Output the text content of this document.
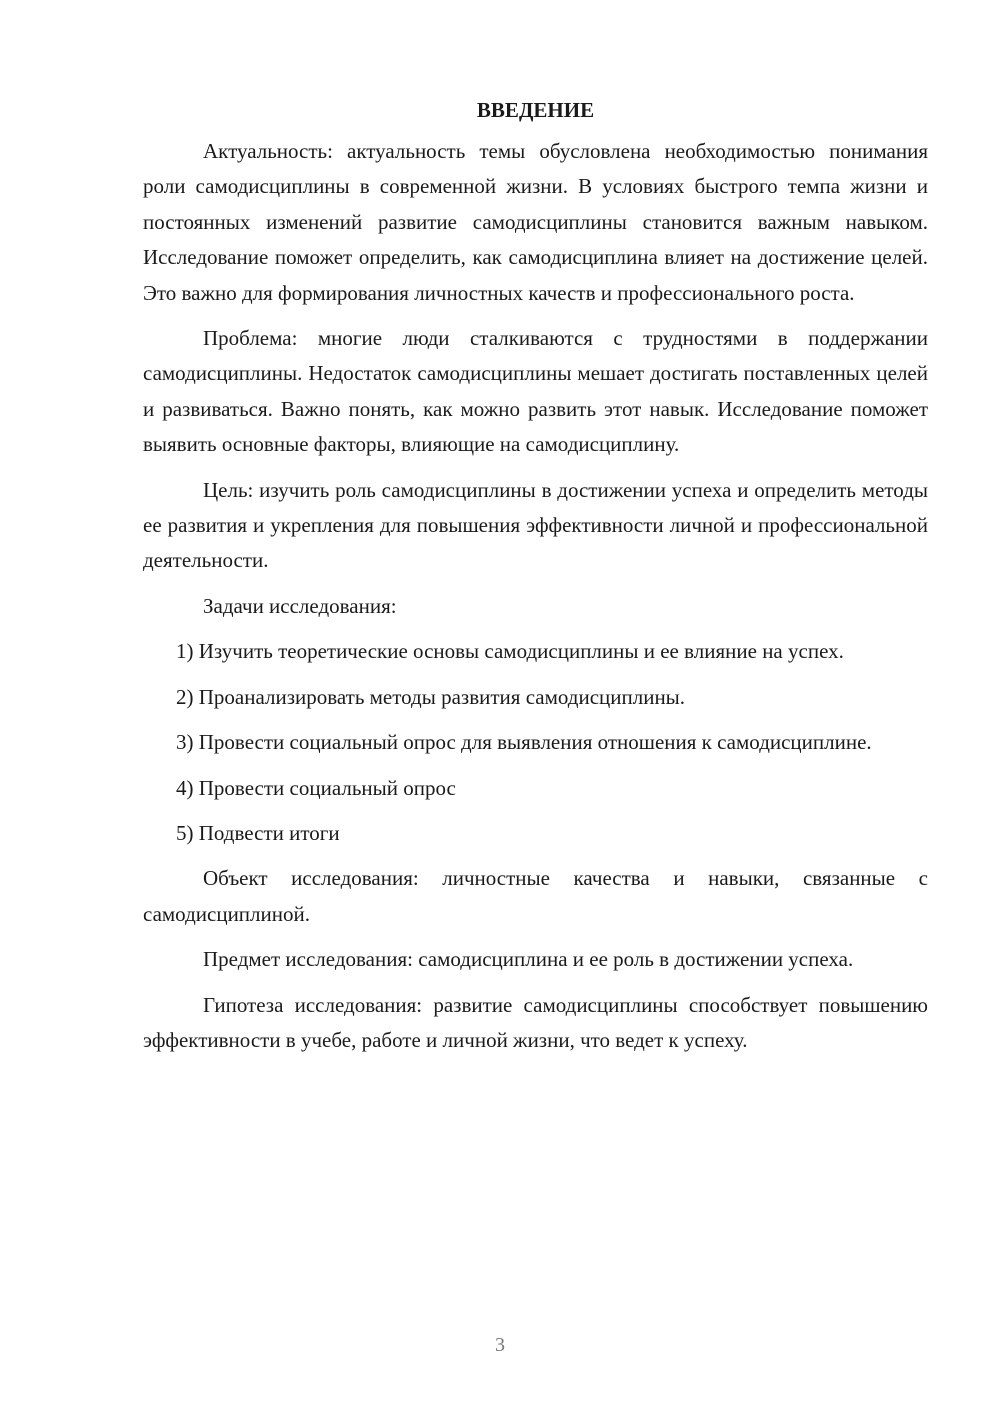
ВВЕДЕНИЕ

Актуальность: актуальность темы обусловлена необходимостью понимания роли самодисциплины в современной жизни. В условиях быстрого темпа жизни и постоянных изменений развитие самодисциплины становится важным навыком. Исследование поможет определить, как самодисциплина влияет на достижение целей. Это важно для формирования личностных качеств и профессионального роста.

Проблема: многие люди сталкиваются с трудностями в поддержании самодисциплины. Недостаток самодисциплины мешает достигать поставленных целей и развиваться. Важно понять, как можно развить этот навык. Исследование поможет выявить основные факторы, влияющие на самодисциплину.

Цель: изучить роль самодисциплины в достижении успеха и определить методы ее развития и укрепления для повышения эффективности личной и профессиональной деятельности.

Задачи исследования:

1) Изучить теоретические основы самодисциплины и ее влияние на успех.

2) Проанализировать методы развития самодисциплины.

3) Провести социальный опрос для выявления отношения к самодисциплине.

4) Провести социальный опрос

5) Подвести итоги

Объект исследования: личностные качества и навыки, связанные с самодисциплиной.

Предмет исследования: самодисциплина и ее роль в достижении успеха.

Гипотеза исследования: развитие самодисциплины способствует повышению эффективности в учебе, работе и личной жизни, что ведет к успеху.

3
